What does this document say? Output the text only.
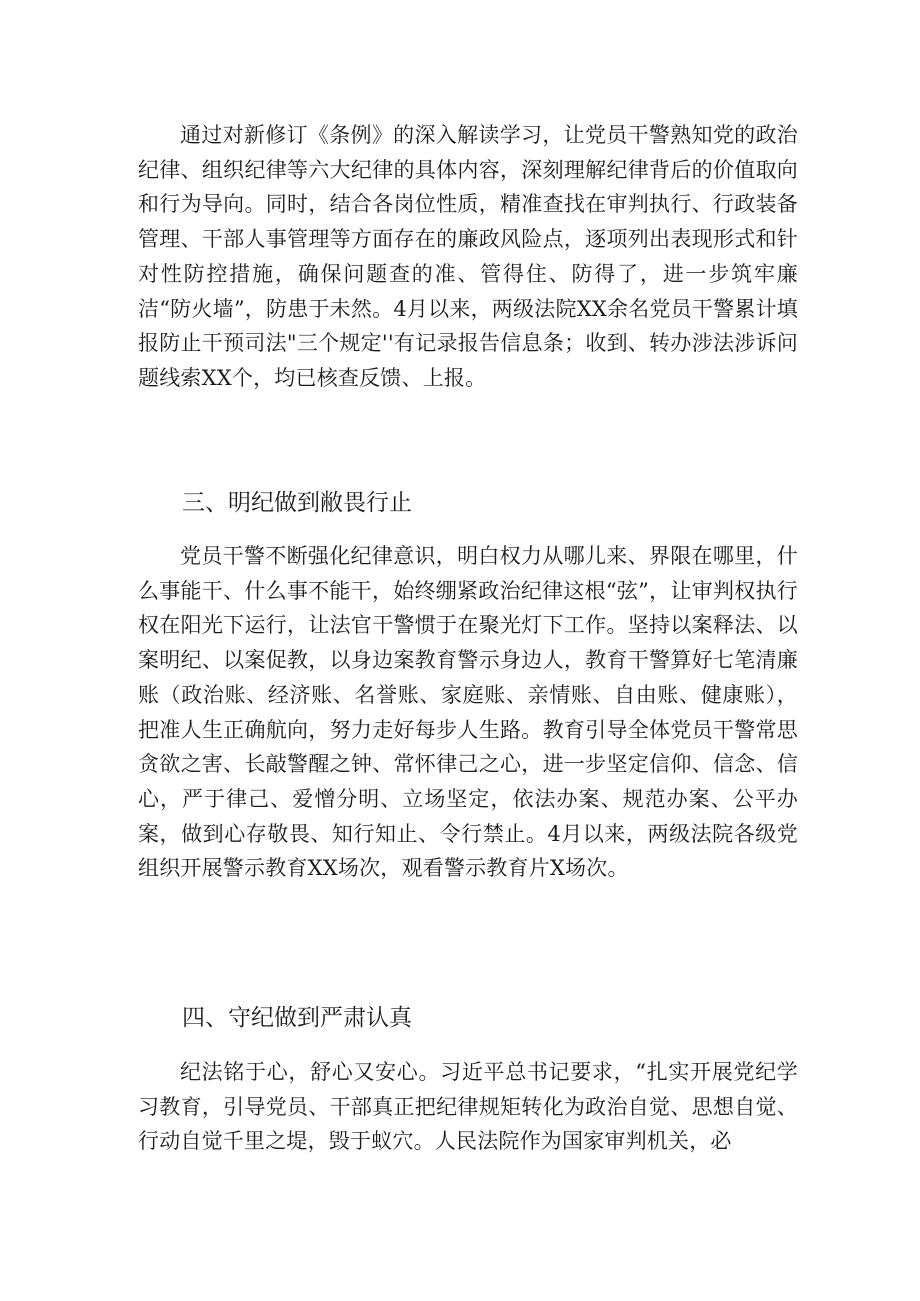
通过对新修订《条例》的深入解读学习，让党员干警熟知党的政治纪律、组织纪律等六大纪律的具体内容，深刻理解纪律背后的价值取向和行为导向。同时，结合各岗位性质，精准查找在审判执行、行政装备管理、干部人事管理等方面存在的廉政风险点，逐项列出表现形式和针对性防控措施，确保问题查的准、管得住、防得了，进一步筑牢廉洁“防火墙”，防患于未然。4月以来，两级法院XX余名党员干警累计填报防止干预司法"三个规定''有记录报告信息条；收到、转办涉法涉诉问题线索XX个，均已核查反馈、上报。

三、明纪做到敝畏行止

党员干警不断强化纪律意识，明白权力从哪儿来、界限在哪里，什么事能干、什么事不能干，始终绷紧政治纪律这根“弦”，让审判权执行权在阳光下运行，让法官干警惯于在聚光灯下工作。坚持以案释法、以案明纪、以案促教，以身边案教育警示身边人，教育干警算好七笔清廉账（政治账、经济账、名誉账、家庭账、亲情账、自由账、健康账），把准人生正确航向，努力走好每步人生路。教育引导全体党员干警常思贪欲之害、长敲警醒之钟、常怀律己之心，进一步坚定信仰、信念、信心，严于律己、爱憎分明、立场坚定，依法办案、规范办案、公平办案，做到心存敬畏、知行知止、令行禁止。4月以来，两级法院各级党组织开展警示教育XX场次，观看警示教育片X场次。

四、守纪做到严肃认真

纪法铭于心，舒心又安心。习近平总书记要求，“扎实开展党纪学习教育，引导党员、干部真正把纪律规矩转化为政治自觉、思想自觉、行动自觉千里之堤，毁于蚁穴。人民法院作为国家审判机关，必
